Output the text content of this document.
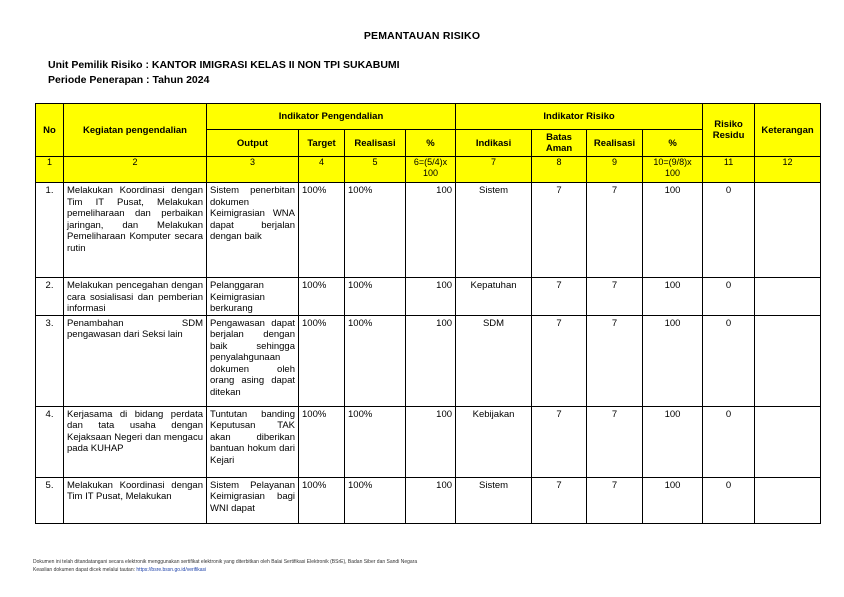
PEMANTAUAN RISIKO
Unit Pemilik Risiko : KANTOR IMIGRASI KELAS II NON TPI SUKABUMI
Periode Penerapan : Tahun 2024
No	Kegiatan pengendalian	Indikator Pengendalian				Indikator Risiko				Risiko Residu	Keterangan
		Output	Target	Realisasi	%	Indikasi	Batas Aman	Realisasi	%		
1	2	3	4	5	6=(5/4)x 100	7	8	9	10=(9/8)x 100	11	12
1.	Melakukan Koordinasi dengan Tim IT Pusat, Melakukan pemeliharaan dan perbaikan jaringan, dan Melakukan Pemeliharaan Komputer secara rutin	Sistem penerbitan dokumen Keimigrasian WNA dapat berjalan dengan baik	100%	100%	100	Sistem	7	7	100	0	
2.	Melakukan pencegahan dengan cara sosialisasi dan pemberian informasi	Pelanggaran Keimigrasian berkurang	100%	100%	100	Kepatuhan	7	7	100	0	
3.	Penambahan SDM pengawasan dari Seksi lain	Pengawasan dapat berjalan dengan baik sehingga penyalahgunaan dokumen oleh orang asing dapat ditekan	100%	100%	100	SDM	7	7	100	0	
4.	Kerjasama di bidang perdata dan tata usaha dengan Kejaksaan Negeri dan mengacu pada KUHAP	Tuntutan banding Keputusan TAK akan diberikan bantuan hokum dari Kejari	100%	100%	100	Kebijakan	7	7	100	0	
5.	Melakukan Koordinasi dengan Tim IT Pusat, Melakukan	Sistem Pelayanan Keimigrasian bagi WNI dapat	100%	100%	100	Sistem	7	7	100	0	
Dokumen ini telah ditandatangani secara elektronik menggunakan sertifikat elektronik yang diterbitkan oleh Balai Sertifikasi Elektronik (BSrE), Badan Siber dan Sandi Negara
Keaslian dokumen dapat dicek melalui tautan: https://bsre.bssn.go.id/verifikasi
